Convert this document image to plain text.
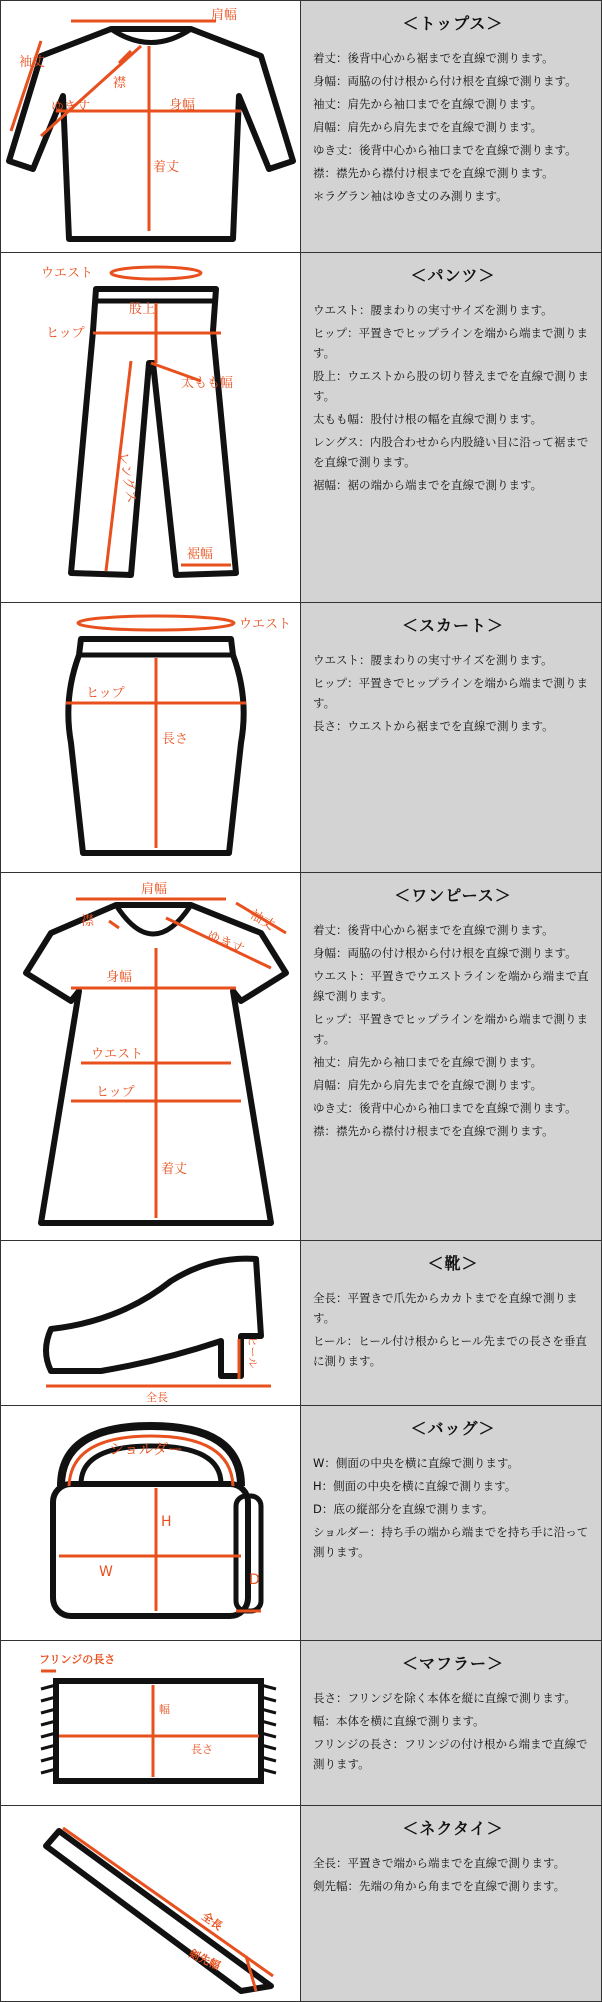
肩幅
袖丈
襟
ゆき丈	身幅
着丈
＜トップス＞
着丈：後背中心から裾までを直線で測ります。
身幅：両脇の付け根から付け根を直線で測ります。
袖丈：肩先から袖口までを直線で測ります。
肩幅：肩先から肩先までを直線で測ります。
ゆき丈：後背中心から袖口までを直線で測ります。
襟：襟先から襟付け根までを直線で測ります。
＊ラグラン袖はゆき丈のみ測ります。
ウエスト
ヒップ
股上
太もも幅
レングス
裾幅
＜パンツ＞
ウエスト：腰まわりの実寸サイズを測ります。
ヒップ：平置きでヒップラインを端から端まで測ります。
股上：ウエストから股の切り替えまでを直線で測ります。
太もも幅：股付け根の幅を直線で測ります。
レングス：内股合わせから内股縫い目に沿って裾までを直線で測ります。
裾幅：裾の端から端までを直線で測ります。
ウエスト
ヒップ
長さ
＜スカート＞
ウエスト：腰まわりの実寸サイズを測ります。
ヒップ：平置きでヒップラインを端から端まで測ります。
長さ：ウエストから裾までを直線で測ります。
肩幅
袖丈
襟
ゆき丈
身幅
ウエスト
ヒップ
着丈
＜ワンピース＞
着丈：後背中心から裾までを直線で測ります。
身幅：両脇の付け根から付け根を直線で測ります。
ウエスト：平置きでウエストラインを端から端まで直線で測ります。
ヒップ：平置きでヒップラインを端から端まで測ります。
袖丈：肩先から袖口までを直線で測ります。
肩幅：肩先から肩先までを直線で測ります。
ゆき丈：後背中心から袖口までを直線で測ります。
襟：襟先から襟付け根までを直線で測ります。
ヒール
全長
＜靴＞
全長：平置きで爪先からカカトまでを直線で測ります。
ヒール：ヒール付け根からヒール先までの長さを垂直に測ります。
ショルダー
H
W	D
＜バッグ＞
W：側面の中央を横に直線で測ります。
H：側面の中央を横に直線で測ります。
D：底の縦部分を直線で測ります。
ショルダー：持ち手の端から端までを持ち手に沿って測ります。
フリンジの長さ
幅
長さ
＜マフラー＞
長さ：フリンジを除く本体を縦に直線で測ります。
幅：本体を横に直線で測ります。
フリンジの長さ：フリンジの付け根から端まで直線で測ります。
全長
剣先幅
＜ネクタイ＞
全長：平置きで端から端までを直線で測ります。
剣先幅：先端の角から角までを直線で測ります。
